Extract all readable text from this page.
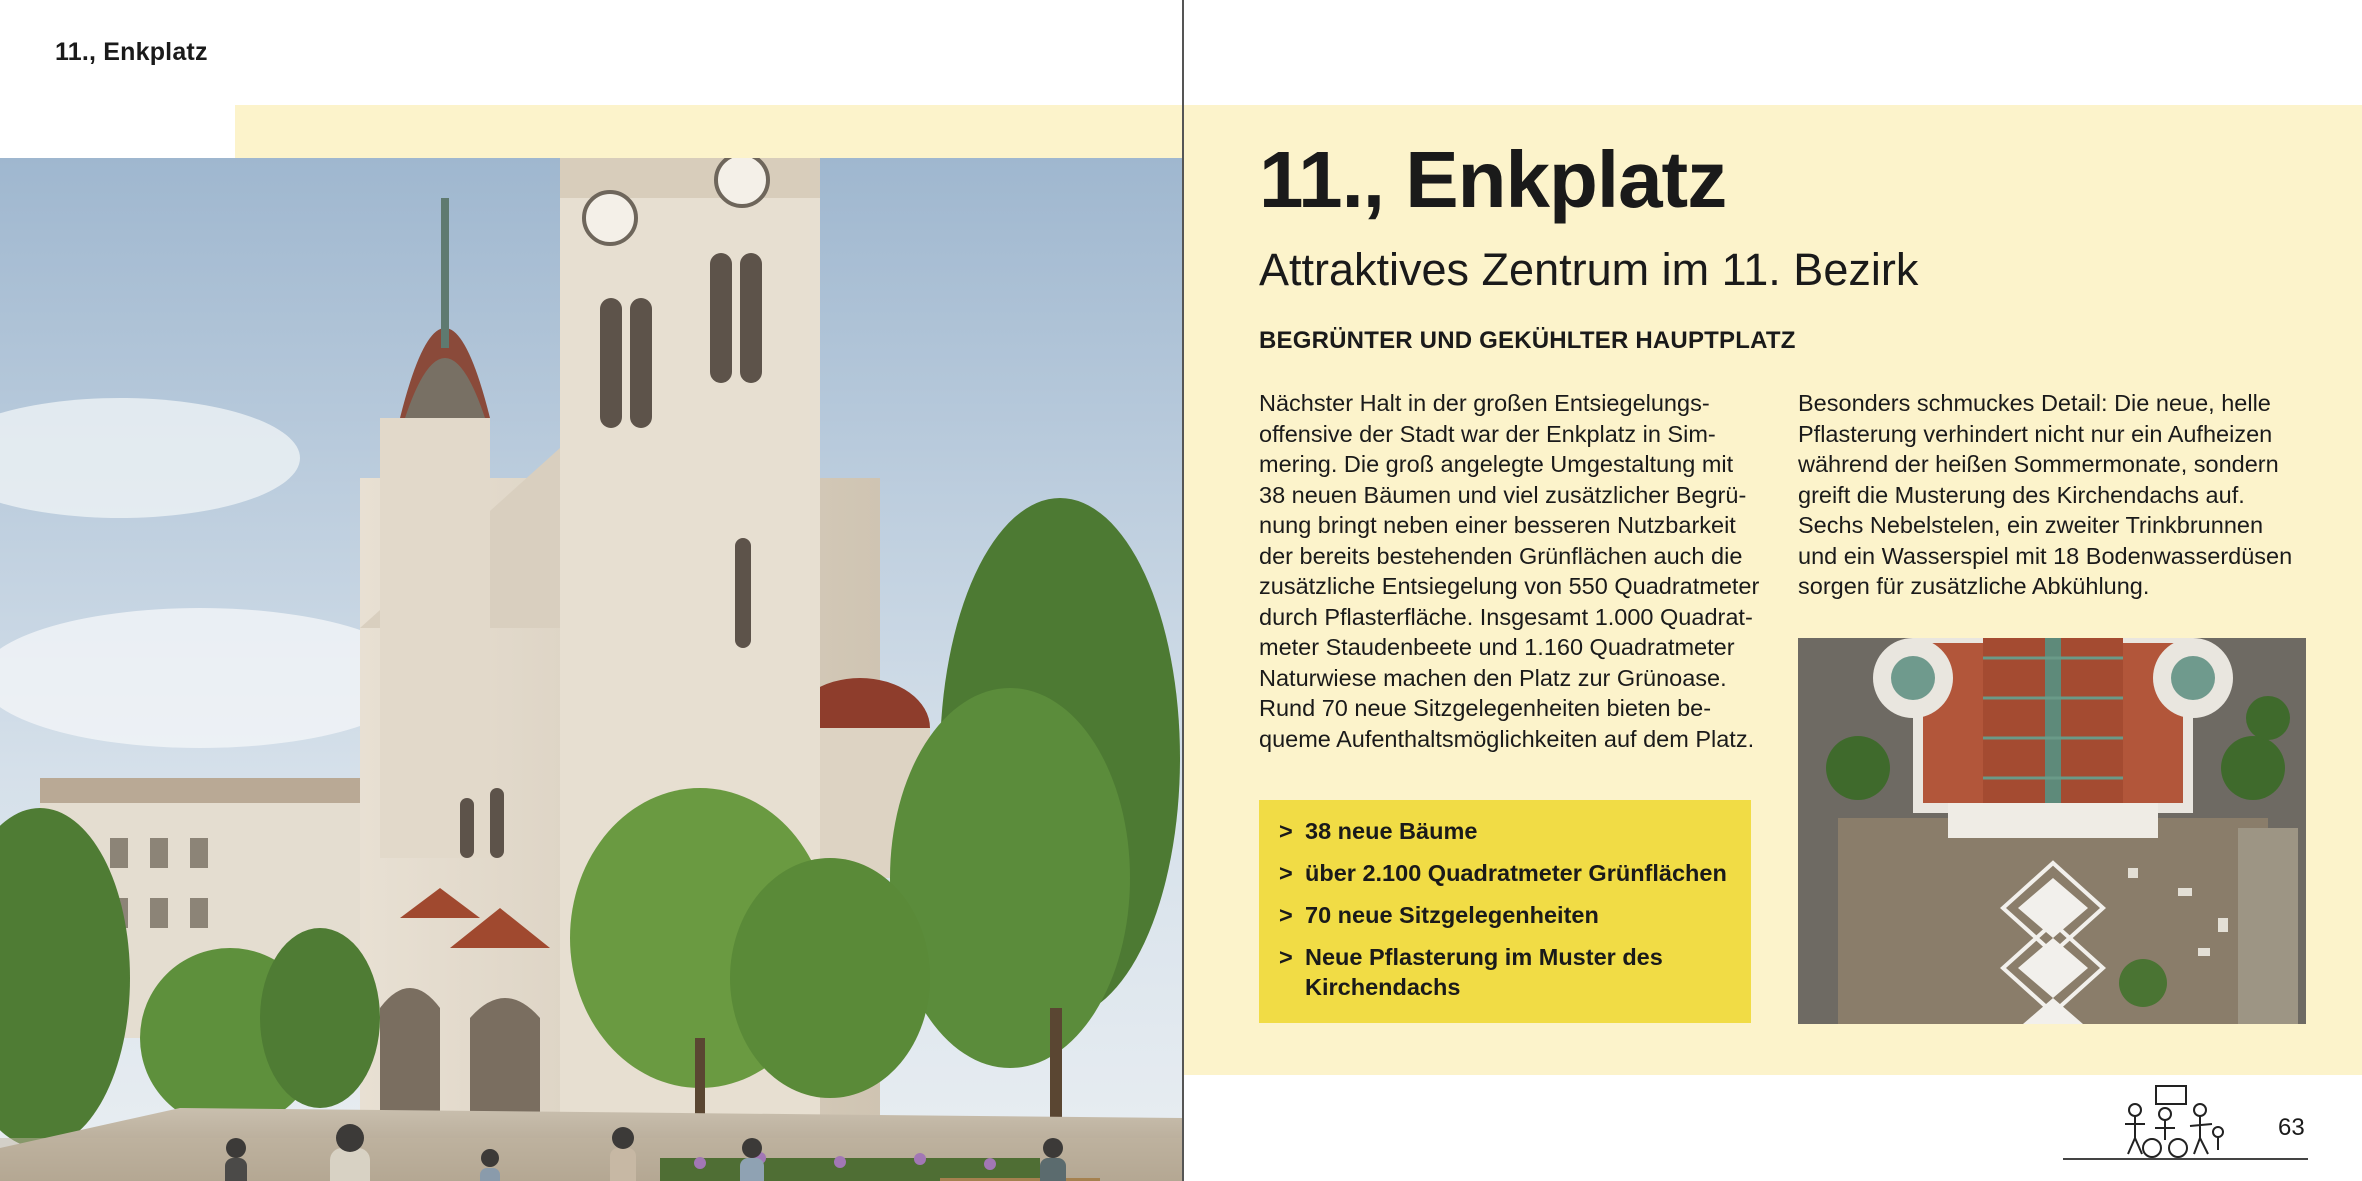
11., Enkplatz
11., Enkplatz
Attraktives Zentrum im 11. Bezirk
BEGRÜNTER UND GEKÜHLTER HAUPTPLATZ
Nächster Halt in der großen Entsiegelungs-
offensive der Stadt war der Enkplatz in Sim-
mering. Die groß angelegte Umgestaltung mit
38 neuen Bäumen und viel zusätzlicher Begrü-
nung bringt neben einer besseren Nutzbarkeit
der bereits bestehenden Grünflächen auch die
zusätzliche Entsiegelung von 550 Quadratmeter
durch Pflasterfläche. Insgesamt 1.000 Quadrat-
meter Staudenbeete und 1.160 Quadratmeter
Naturwiese machen den Platz zur Grünoase.
Rund 70 neue Sitzgelegenheiten bieten be-
queme Aufenthaltsmöglichkeiten auf dem Platz.
Besonders schmuckes Detail: Die neue, helle
Pflasterung verhindert nicht nur ein Aufheizen
während der heißen Sommermonate, sondern
greift die Musterung des Kirchendachs auf.
Sechs Nebelstelen, ein zweiter Trinkbrunnen
und ein Wasserspiel mit 18 Bodenwasserdüsen
sorgen für zusätzliche Abkühlung.
> 38 neue Bäume
> über 2.100 Quadratmeter Grünflächen
> 70 neue Sitzgelegenheiten
> Neue Pflasterung im Muster des Kirchendachs
63
